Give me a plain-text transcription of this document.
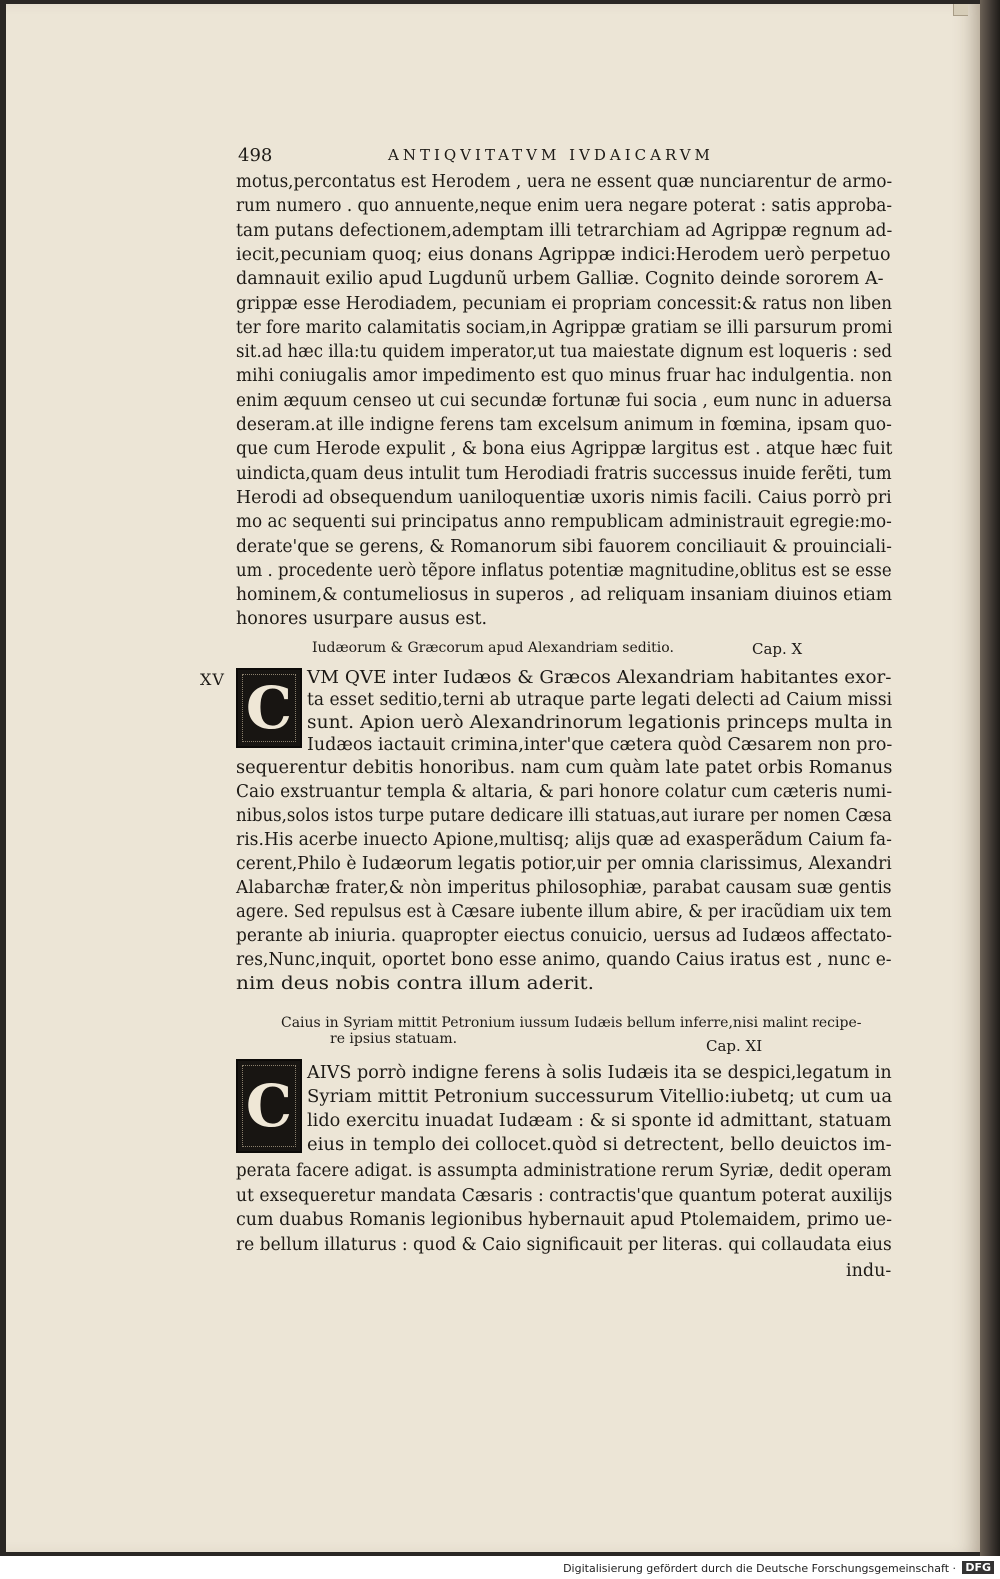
498	ANTIQVITATVM IVDAICARVM
motus,percontatus est Herodem , uera ne essent quæ nunciarentur de armo-
rum numero . quo annuente,neque enim uera negare poterat : satis approba-
tam putans defectionem,ademptam illi tetrarchiam ad Agrippæ regnum ad-
iecit,pecuniam quoq; eius donans Agrippæ indici:Herodem uerò perpetuo
damnauit exilio apud Lugdunũ urbem Galliæ. Cognito deinde sororem A-
grippæ esse Herodiadem, pecuniam ei propriam concessit:& ratus non liben
ter fore marito calamitatis sociam,in Agrippæ gratiam se illi parsurum promi
sit.ad hæc illa:tu quidem imperator,ut tua maiestate dignum est loqueris : sed
mihi coniugalis amor impedimento est quo minus fruar hac indulgentia. non
enim æquum censeo ut cui secundæ fortunæ fui socia , eum nunc in aduersa
deseram.at ille indigne ferens tam excelsum animum in fœmina, ipsam quo-
que cum Herode expulit , & bona eius Agrippæ largitus est . atque hæc fuit
uindicta,quam deus intulit tum Herodiadi fratris successus inuide ferẽti, tum
Herodi ad obsequendum uaniloquentiæ uxoris nimis facili. Caius porrò pri
mo ac sequenti sui principatus anno rempublicam administrauit egregie:mo-
derate'que se gerens, & Romanorum sibi fauorem conciliauit & prouinciali-
um . procedente uerò tẽpore inflatus potentiæ magnitudine,oblitus est se esse
hominem,& contumeliosus in superos , ad reliquam insaniam diuinos etiam
honores usurpare ausus est.
Iudæorum & Græcorum apud Alexandriam seditio.	Cap. X
XV C VM QVE inter Iudæos & Græcos Alexandriam habitantes exor-
ta esset seditio,terni ab utraque parte legati delecti ad Caium missi
sunt. Apion uerò Alexandrinorum legationis princeps multa in
Iudæos iactauit crimina,inter'que cætera quòd Cæsarem non pro-
sequerentur debitis honoribus. nam cum quàm late patet orbis Romanus
Caio exstruantur templa & altaria, & pari honore colatur cum cæteris numi-
nibus,solos istos turpe putare dedicare illi statuas,aut iurare per nomen Cæsa
ris.His acerbe inuecto Apione,multisq; alijs quæ ad exasperãdum Caium fa-
cerent,Philo è Iudæorum legatis potior,uir per omnia clarissimus, Alexandri
Alabarchæ frater,& nòn imperitus philosophiæ, parabat causam suæ gentis
agere. Sed repulsus est à Cæsare iubente illum abire, & per iracũdiam uix tem
perante ab iniuria. quapropter eiectus conuicio, uersus ad Iudæos affectato-
res,Nunc,inquit, oportet bono esse animo, quando Caius iratus est , nunc e-
nim deus nobis contra illum aderit.
Caius in Syriam mittit Petronium iussum Iudæis bellum inferre,nisi malint recipe-
re ipsius statuam.	Cap. XI
C AIVS porrò indigne ferens à solis Iudæis ita se despici,legatum in
Syriam mittit Petronium successurum Vitellio:iubetq; ut cum ua
lido exercitu inuadat Iudæam : & si sponte id admittant, statuam
eius in templo dei collocet.quòd si detrectent, bello deuictos im-
perata facere adigat. is assumpta administratione rerum Syriæ, dedit operam
ut exsequeretur mandata Cæsaris : contractis'que quantum poterat auxilijs
cum duabus Romanis legionibus hybernauit apud Ptolemaidem, primo ue-
re bellum illaturus : quod & Caio significauit per literas. qui collaudata eius
indu-
Digitalisierung gefördert durch die Deutsche Forschungsgemeinschaft · DFG
